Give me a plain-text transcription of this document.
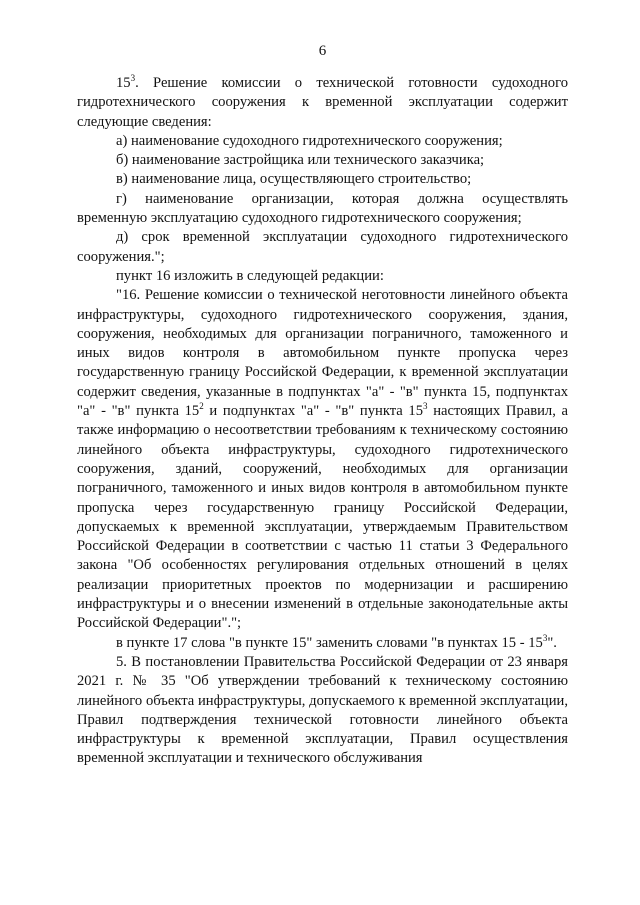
6

$15^3$. Решение комиссии о технической готовности судоходного гидротехнического сооружения к временной эксплуатации содержит следующие сведения:

а) наименование судоходного гидротехнического сооружения;

б) наименование застройщика или технического заказчика;

в) наименование лица, осуществляющего строительство;

г) наименование организации, которая должна осуществлять временную эксплуатацию судоходного гидротехнического сооружения;

д) срок временной эксплуатации судоходного гидротехнического сооружения.";

пункт 16 изложить в следующей редакции:

"16. Решение комиссии о технической неготовности линейного объекта инфраструктуры, судоходного гидротехнического сооружения, здания, сооружения, необходимых для организации пограничного, таможенного и иных видов контроля в автомобильном пункте пропуска через государственную границу Российской Федерации, к временной эксплуатации содержит сведения, указанные в подпунктах "а" - "в" пункта 15, подпунктах "а" - "в" пункта $15^2$ и подпунктах "а" - "в" пункта $15^3$ настоящих Правил, а также информацию о несоответствии требованиям к техническому состоянию линейного объекта инфраструктуры, судоходного гидротехнического сооружения, зданий, сооружений, необходимых для организации пограничного, таможенного и иных видов контроля в автомобильном пункте пропуска через государственную границу Российской Федерации, допускаемых к временной эксплуатации, утверждаемым Правительством Российской Федерации в соответствии с частью 11 статьи 3 Федерального закона "Об особенностях регулирования отдельных отношений в целях реализации приоритетных проектов по модернизации и расширению инфраструктуры и о внесении изменений в отдельные законодательные акты Российской Федерации".";

в пункте 17 слова "в пункте 15" заменить словами "в пунктах $15 - 15^3$".

5. В постановлении Правительства Российской Федерации от 23 января 2021 г. № 35 "Об утверждении требований к техническому состоянию линейного объекта инфраструктуры, допускаемого к временной эксплуатации, Правил подтверждения технической готовности линейного объекта инфраструктуры к временной эксплуатации, Правил осуществления временной эксплуатации и технического обслуживания
